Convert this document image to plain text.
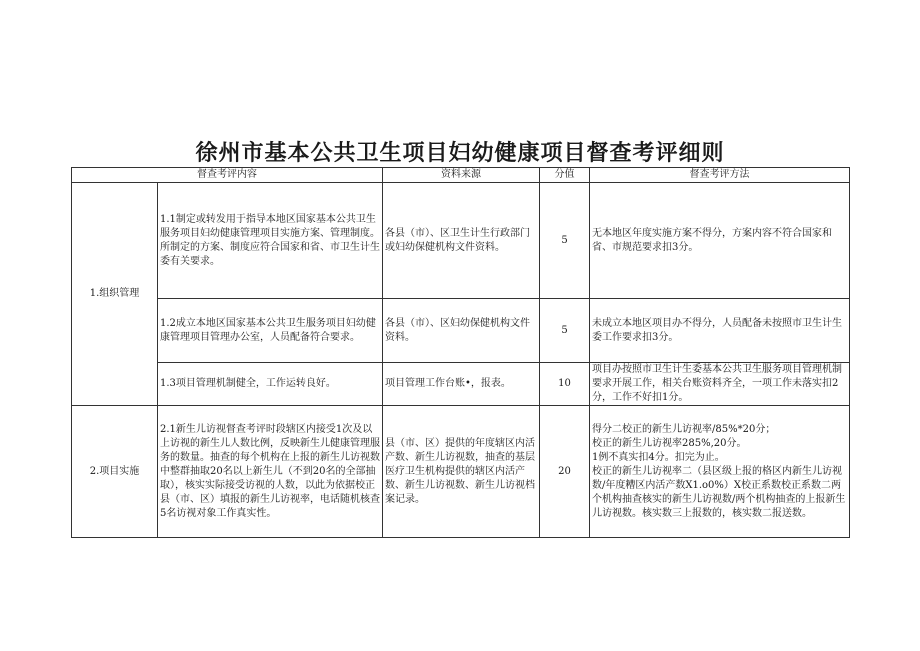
徐州市基本公共卫生项目妇幼健康项目督查考评细则
督查考评内容		资料来源	分值	督查考评方法
1.组织管理	1.1制定或转发用于指导本地区国家基本公共卫生服务项目妇幼健康管理项目实施方案、管理制度。所制定的方案、制度应符合国家和省、市卫生计生委有关要求。	各县（市）、区卫生计生行政部门或妇幼保健机构文件资料。	5	无本地区年度实施方案不得分，方案内容不符合国家和省、市规范要求扣3分。
	1.2成立本地区国家基本公共卫生服务项目妇幼健康管理项目管理办公室，人员配备符合要求。	各县（市）、区妇幼保健机构文件资料。	5	未成立本地区项目办不得分，人员配备未按照市卫生计生委工作要求扣3分。
	1.3项目管理机制健全，工作运转良好。	项目管理工作台账•，报表。	10	项目办按照市卫生计生委基本公共卫生服务项目管理机制要求开展工作，相关台账资料齐全，一项工作未落实扣2分，工作不好扣1分。
2.项目实施	2.1新生儿访视督查考评时段辖区内接受1次及以上访视的新生儿人数比例，反映新生儿健康管理服务的数量。抽查的每个机构在上报的新生儿访视数中整群抽取20名以上新生儿（不到20名的全部抽取），核实实际接受访视的人数，以此为依据校正县（市、区）填报的新生儿访视率，电话随机核查5名访视对象工作真实性。	县（市、区）提供的年度辖区内活产数、新生儿访视数，抽查的基层医疗卫生机构提供的辖区内活产数、新生儿访视数、新生儿访视档案记录。	20	得分二校正的新生儿访视率/85%*20分；
校正的新生儿访视率285%,20分。
1例不真实扣4分。扣完为止。
校正的新生儿访视率二（县区级上报的格区内新生儿访视数/年度糟区内活产数X1.o0%）X校正系数校正系数二两个机构抽查核实的新生儿访视数/两个机构抽查的上报新生儿访视数。核实数三上报数的，核实数二报送数。
